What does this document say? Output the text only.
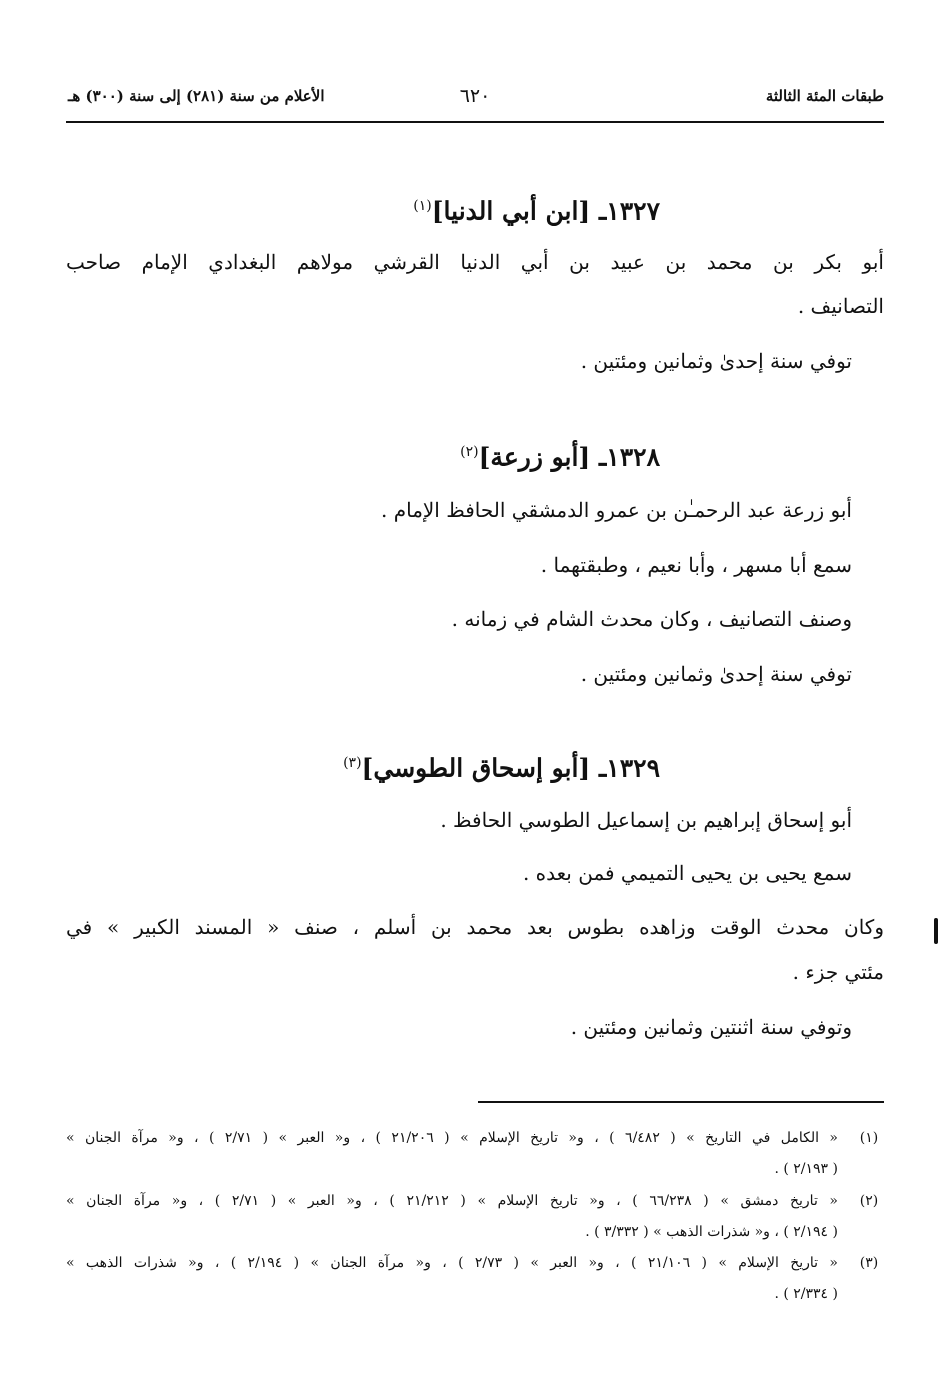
طبقات المئة الثالثة
٦٢٠
الأعلام من سنة (٢٨١) إلى سنة (٣٠٠) هـ
١٣٢٧ـ [ابن أبي الدنيا]$^{(١)}$
أبو بكر بن محمد بن عبيد بن أبي الدنيا القرشي مولاهم البغدادي الإمام صاحب
التصانيف .
توفي سنة إحدىٰ وثمانين ومئتين .
١٣٢٨ـ [أبو زرعة]$^{(٢)}$
أبو زرعة عبد الرحمـٰن بن عمرو الدمشقي الحافظ الإمام .
سمع أبا مسهر ، وأبا نعيم ، وطبقتهما .
وصنف التصانيف ، وكان محدث الشام في زمانه .
توفي سنة إحدىٰ وثمانين ومئتين .
١٣٢٩ـ [أبو إسحاق الطوسي]$^{(٣)}$
أبو إسحاق إبراهيم بن إسماعيل الطوسي الحافظ .
سمع يحيى بن يحيى التميمي فمن بعده .
وكان محدث الوقت وزاهده بطوس بعد محمد بن أسلم ، صنف « المسند الكبير » في
مئتي جزء .
وتوفي سنة اثنتين وثمانين ومئتين .
(١)
« الكامل في التاريخ » ( ٦/٤٨٢ ) ، و« تاريخ الإسلام » ( ٢١/٢٠٦ ) ، و« العبر » ( ٢/٧١ ) ، و« مرآة الجنان »
( ٢/١٩٣ ) .
(٢)
« تاريخ دمشق » ( ٦٦/٢٣٨ ) ، و« تاريخ الإسلام » ( ٢١/٢١٢ ) ، و« العبر » ( ٢/٧١ ) ، و« مرآة الجنان »
( ٢/١٩٤ ) ، و« شذرات الذهب » ( ٣/٣٣٢ ) .
(٣)
« تاريخ الإسلام » ( ٢١/١٠٦ ) ، و« العبر » ( ٢/٧٣ ) ، و« مرآة الجنان » ( ٢/١٩٤ ) ، و« شذرات الذهب »
( ٢/٣٣٤ ) .
